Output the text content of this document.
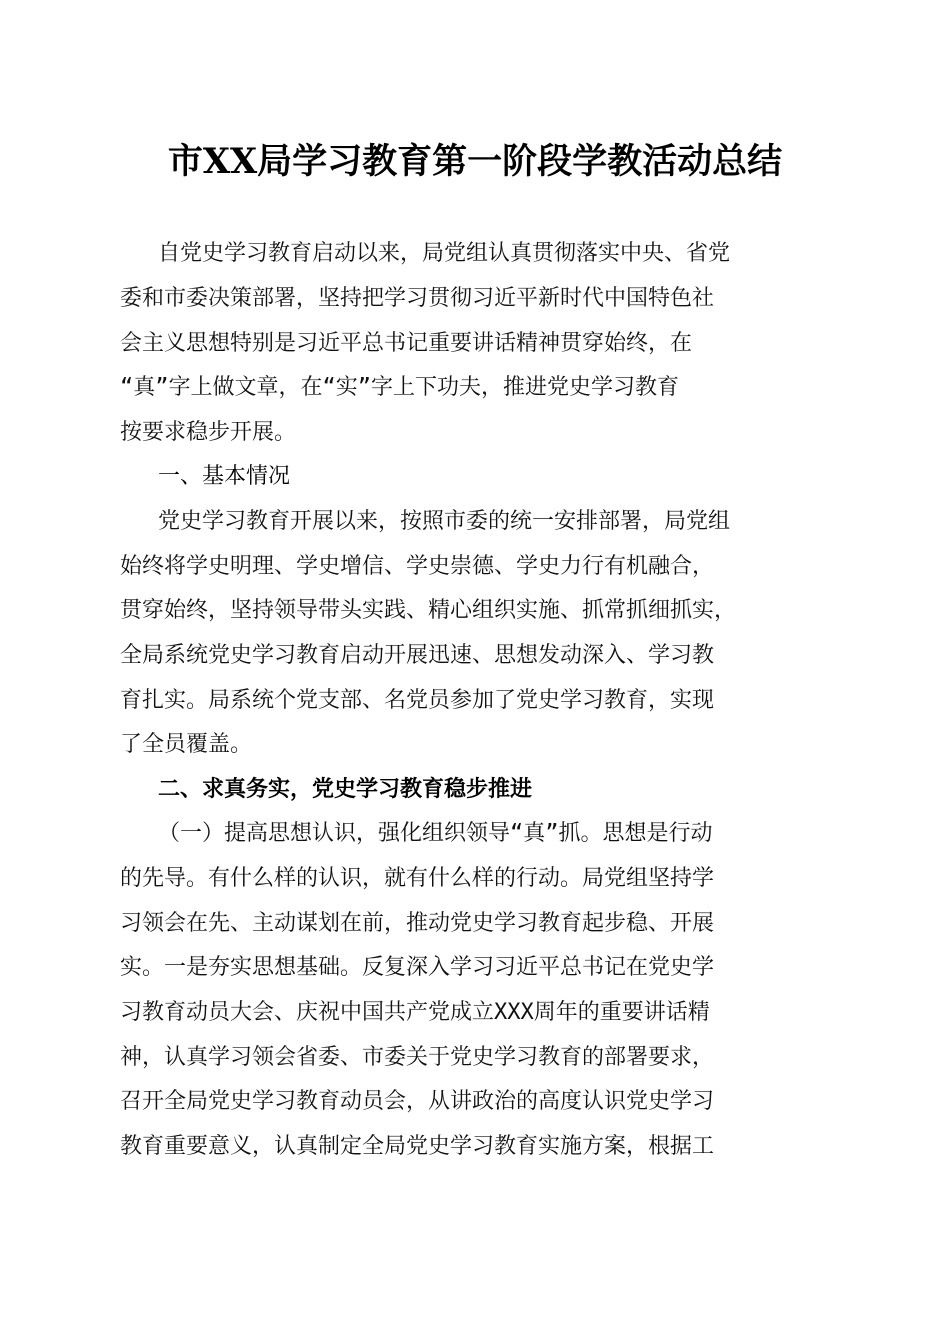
市XX局学习教育第一阶段学教活动总结
自党史学习教育启动以来，局党组认真贯彻落实中央、省党
委和市委决策部署，坚持把学习贯彻习近平新时代中国特色社
会主义思想特别是习近平总书记重要讲话精神贯穿始终，在
“真”字上做文章，在“实”字上下功夫，推进党史学习教育
按要求稳步开展。
一、基本情况
党史学习教育开展以来，按照市委的统一安排部署，局党组
始终将学史明理、学史增信、学史崇德、学史力行有机融合，
贯穿始终，坚持领导带头实践、精心组织实施、抓常抓细抓实，
全局系统党史学习教育启动开展迅速、思想发动深入、学习教
育扎实。局系统个党支部、名党员参加了党史学习教育，实现
了全员覆盖。
二、求真务实，党史学习教育稳步推进
（一）提高思想认识，强化组织领导“真”抓。思想是行动
的先导。有什么样的认识，就有什么样的行动。局党组坚持学
习领会在先、主动谋划在前，推动党史学习教育起步稳、开展
实。一是夯实思想基础。反复深入学习习近平总书记在党史学
习教育动员大会、庆祝中国共产党成立XXX周年的重要讲话精
神，认真学习领会省委、市委关于党史学习教育的部署要求，
召开全局党史学习教育动员会，从讲政治的高度认识党史学习
教育重要意义，认真制定全局党史学习教育实施方案，根据工
